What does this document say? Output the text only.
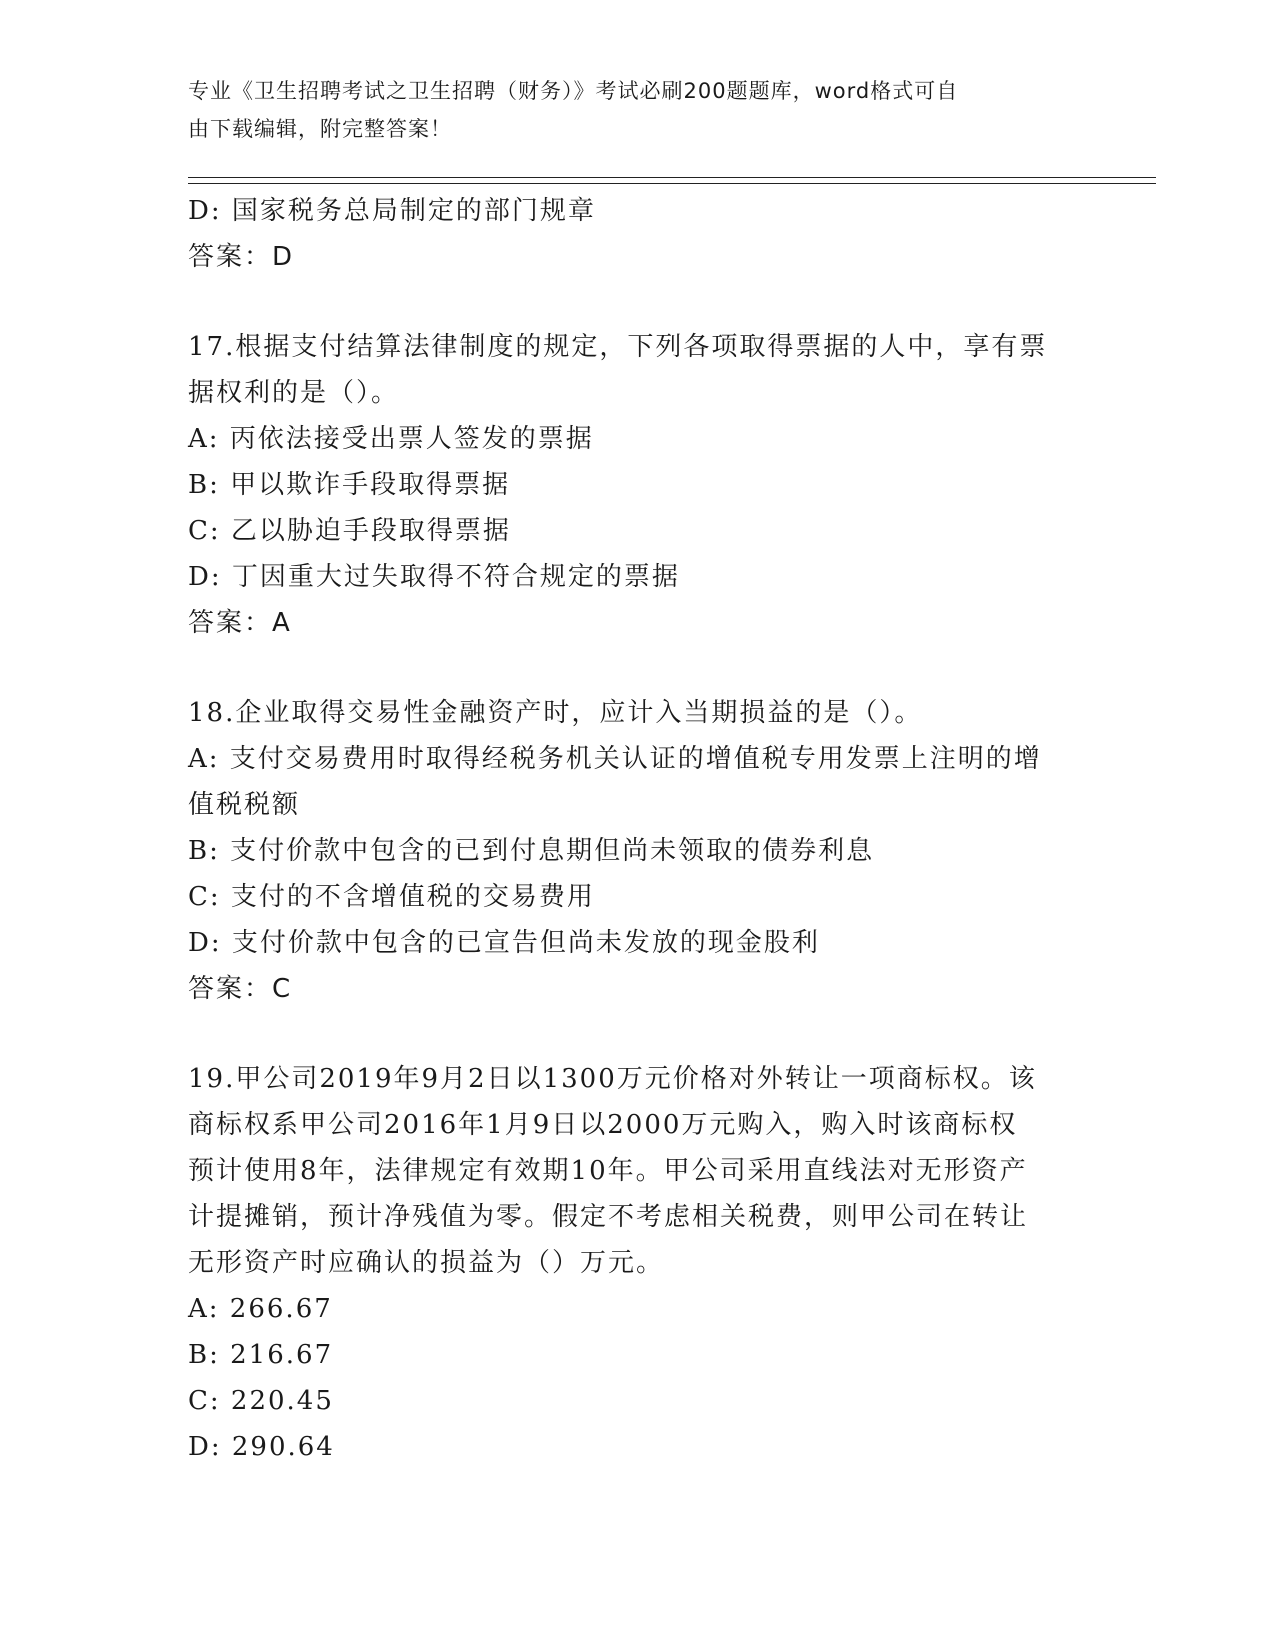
专业《卫生招聘考试之卫生招聘（财务）》考试必刷200题题库，word格式可自
由下载编辑，附完整答案！
D: 国家税务总局制定的部门规章
答案：D
17.根据支付结算法律制度的规定，下列各项取得票据的人中，享有票
据权利的是（）。
A: 丙依法接受出票人签发的票据
B: 甲以欺诈手段取得票据
C: 乙以胁迫手段取得票据
D: 丁因重大过失取得不符合规定的票据
答案：A
18.企业取得交易性金融资产时，应计入当期损益的是（）。
A: 支付交易费用时取得经税务机关认证的增值税专用发票上注明的增
值税税额
B: 支付价款中包含的已到付息期但尚未领取的债券利息
C: 支付的不含增值税的交易费用
D: 支付价款中包含的已宣告但尚未发放的现金股利
答案：C
19.甲公司2019年9月2日以1300万元价格对外转让一项商标权。该
商标权系甲公司2016年1月9日以2000万元购入，购入时该商标权
预计使用8年，法律规定有效期10年。甲公司采用直线法对无形资产
计提摊销，预计净残值为零。假定不考虑相关税费，则甲公司在转让
无形资产时应确认的损益为（）万元。
A: 266.67
B: 216.67
C: 220.45
D: 290.64
